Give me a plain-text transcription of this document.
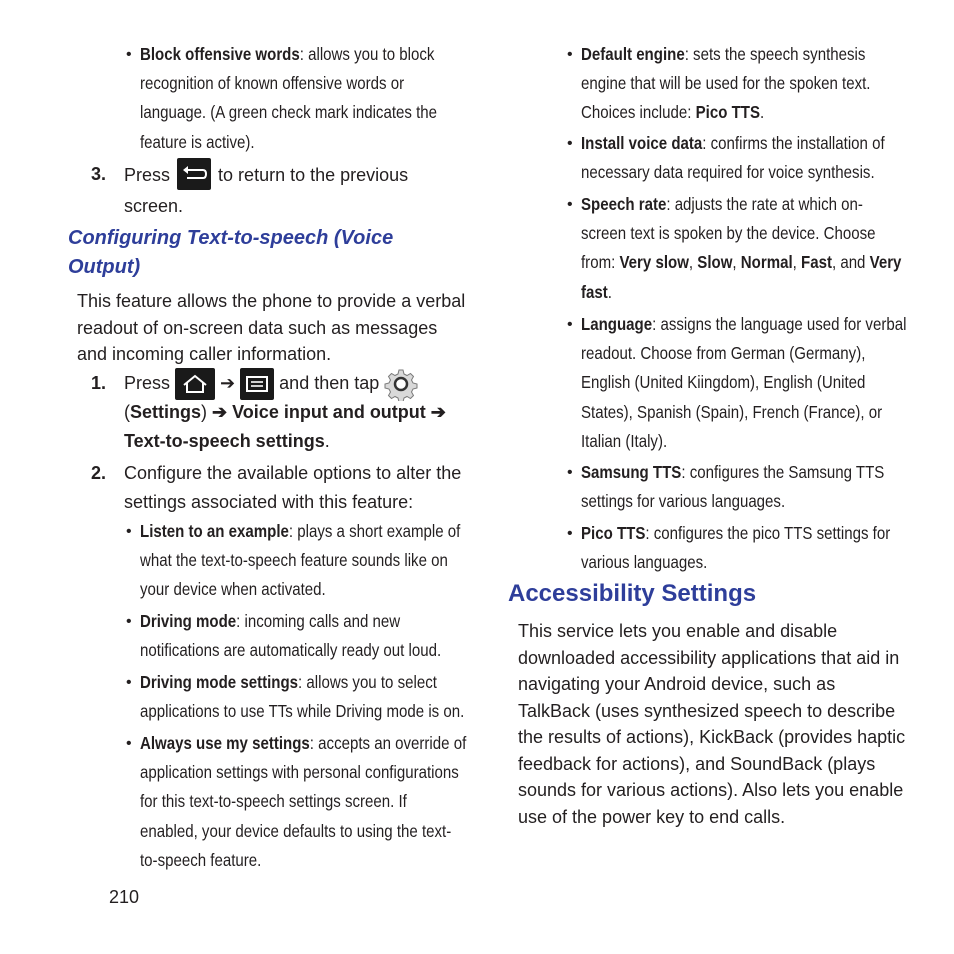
• Block offensive words: allows you to block
recognition of known offensive words or
language. (A green check mark indicates the
feature is active).
3. Press	to return to the previous
screen.
Configuring Text-to-speech (Voice
Output)
This feature allows the phone to provide a verbal
readout of on-screen data such as messages
and incoming caller information.
1. Press	➔ and then tap
(Settings) ➔ Voice input and output ➔
Text-to-speech settings.
2. Configure the available options to alter the
settings associated with this feature:
• Listen to an example: plays a short example of
what the text-to-speech feature sounds like on
your device when activated.
• Driving mode: incoming calls and new
notifications are automatically ready out loud.
• Driving mode settings: allows you to select
applications to use TTs while Driving mode is on.
• Always use my settings: accepts an override of
application settings with personal configurations
for this text-to-speech settings screen. If
enabled, your device defaults to using the text-
to-speech feature.
210
• Default engine: sets the speech synthesis
engine that will be used for the spoken text.
Choices include: Pico TTS.
• Install voice data: confirms the installation of
necessary data required for voice synthesis.
• Speech rate: adjusts the rate at which on-
screen text is spoken by the device. Choose
from: Very slow, Slow, Normal, Fast, and Very
fast.
• Language: assigns the language used for verbal
readout. Choose from German (Germany),
English (United Kiingdom), English (United
States), Spanish (Spain), French (France), or
Italian (Italy).
• Samsung TTS: configures the Samsung TTS
settings for various languages.
• Pico TTS: configures the pico TTS settings for
various languages.
Accessibility Settings
This service lets you enable and disable
downloaded accessibility applications that aid in
navigating your Android device, such as
TalkBack (uses synthesized speech to describe
the results of actions), KickBack (provides haptic
feedback for actions), and SoundBack (plays
sounds for various actions). Also lets you enable
use of the power key to end calls.
